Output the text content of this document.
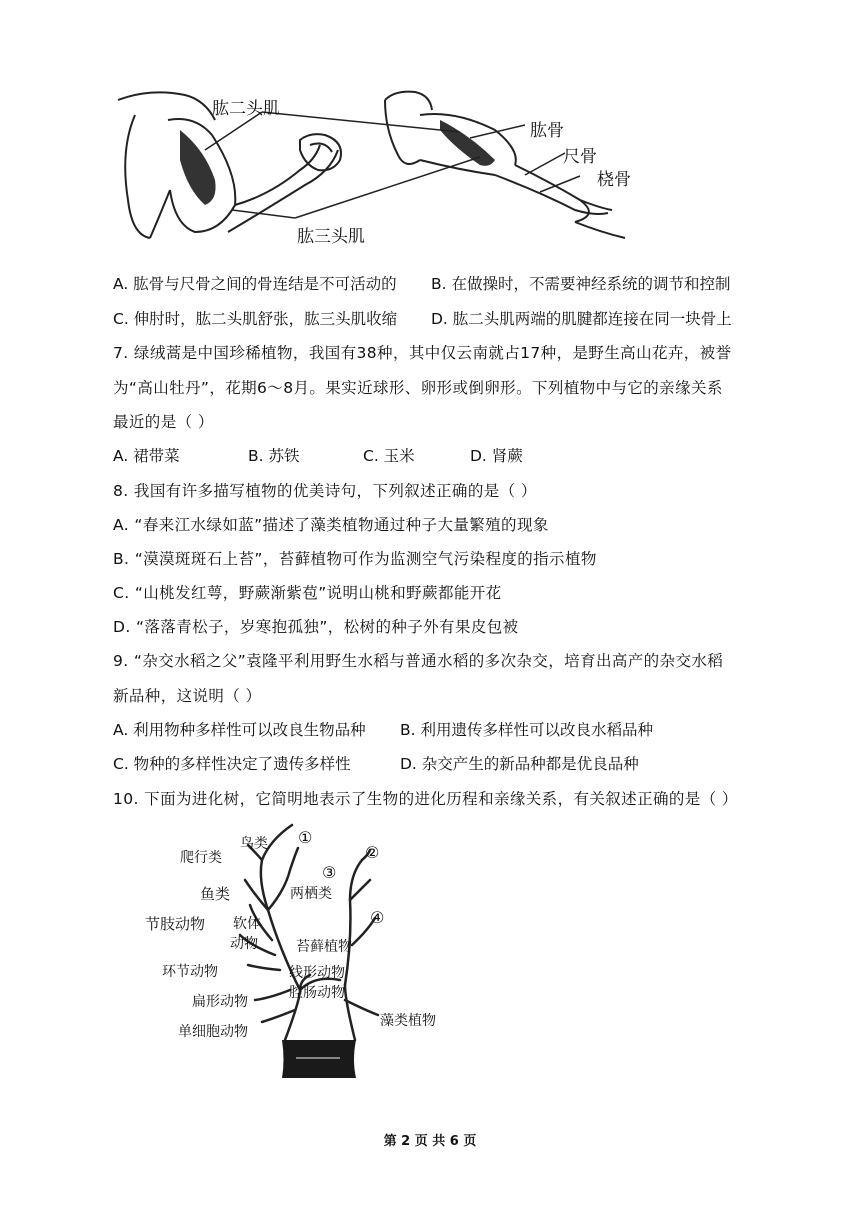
肱二头肌
肱骨
尺骨
桡骨
肱三头肌
A. 肱骨与尺骨之间的骨连结是不可活动的 B. 在做操时，不需要神经系统的调节和控制
C. 伸肘时，肱二头肌舒张，肱三头肌收缩 D. 肱二头肌两端的肌腱都连接在同一块骨上
7. 绿绒蒿是中国珍稀植物，我国有38种，其中仅云南就占17种，是野生高山花卉，被誉
为“高山牡丹”，花期6～8月。果实近球形、卵形或倒卵形。下列植物中与它的亲缘关系
最近的是（ ）
A. 裙带菜	B. 苏铁	C. 玉米	D. 肾蕨
8. 我国有许多描写植物的优美诗句，下列叙述正确的是（ ）
A. “春来江水绿如蓝”描述了藻类植物通过种子大量繁殖的现象
B. “漠漠斑斑石上苔”，苔藓植物可作为监测空气污染程度的指示植物
C. “山桃发红萼，野蕨渐紫苞”说明山桃和野蕨都能开花
D. “落落青松子，岁寒抱孤独”，松树的种子外有果皮包被
9. “杂交水稻之父”袁隆平利用野生水稻与普通水稻的多次杂交，培育出高产的杂交水稻
新品种，这说明（ ）
A. 利用物种多样性可以改良生物品种 B. 利用遗传多样性可以改良水稻品种
C. 物种的多样性决定了遗传多样性	D. 杂交产生的新品种都是优良品种
10. 下面为进化树，它简明地表示了生物的进化历程和亲缘关系，有关叙述正确的是（ ）
鸟类
爬行类
鱼类	两栖类
节肢动物 软体
动物	苔藓植物
环节动物	线形动物
腔肠动物
扁形动物
单细胞动物
藻类植物
①
②
③
④
第 2 页 共 6 页
